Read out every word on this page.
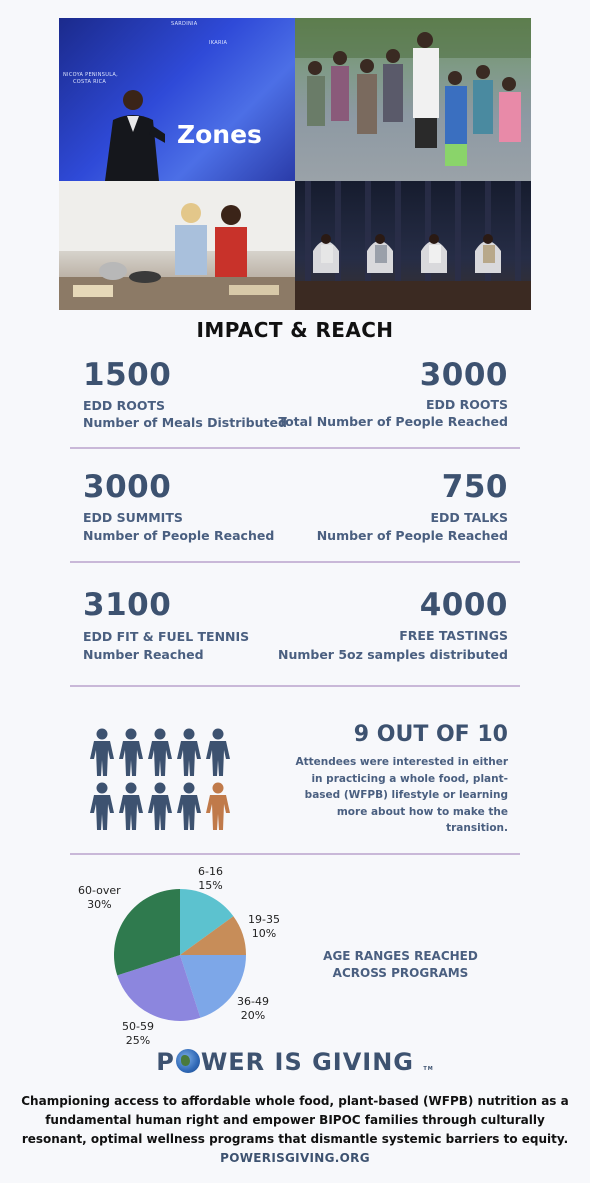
SARDINIA
IKARIA
NICOYA PENINSULA,
COSTA RICA
Zones
IMPACT & REACH
1500
EDD ROOTS
Number of Meals Distributed
3000
EDD ROOTS
Total Number of People Reached
3000
EDD SUMMITS
Number of People Reached
750
EDD TALKS
Number of People Reached
3100
EDD FIT & FUEL TENNIS
Number Reached
4000
FREE TASTINGS
Number 5oz samples distributed
9 OUT OF 10
Attendees were interested in either in practicing a whole food, plant-based (WFPB) lifestyle or learning more about how to make the transition.
6-16
15%
19-35
10%
36-49
20%
50-59
25%
60-over
30%
AGE RANGES REACHED ACROSS PROGRAMS
P WER IS GIVING TM
Championing access to affordable whole food, plant-based (WFPB) nutrition as a fundamental human right and empower BIPOC families through culturally resonant, optimal wellness programs that dismantle systemic barriers to equity.
POWERISGIVING.ORG
